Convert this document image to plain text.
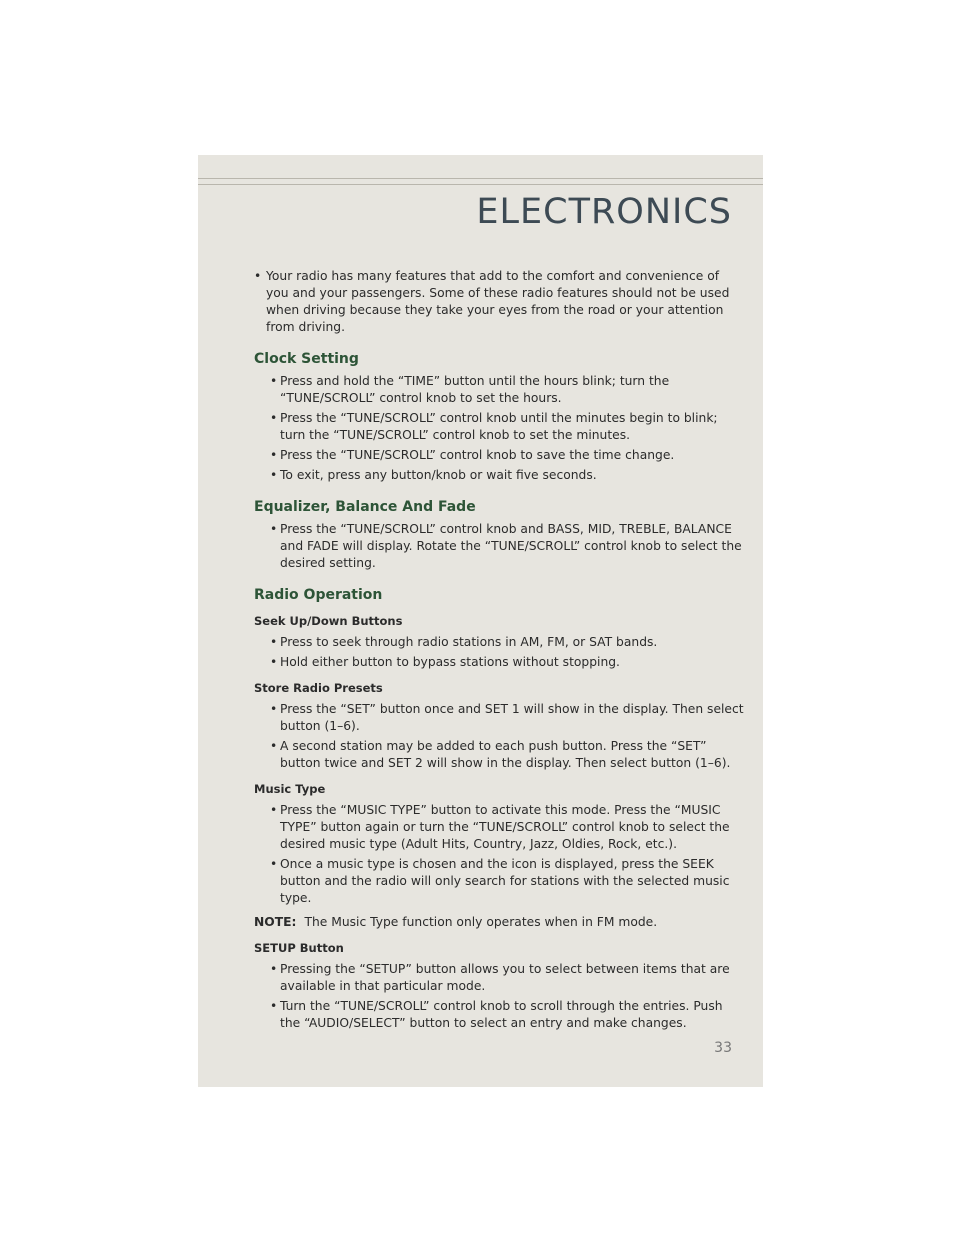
ELECTRONICS
• Your radio has many features that add to the comfort and convenience of you and your passengers. Some of these radio features should not be used when driving because they take your eyes from the road or your attention from driving.
Clock Setting
• Press and hold the “TIME” button until the hours blink; turn the “TUNE/SCROLL” control knob to set the hours.
• Press the “TUNE/SCROLL” control knob until the minutes begin to blink; turn the “TUNE/SCROLL” control knob to set the minutes.
• Press the “TUNE/SCROLL” control knob to save the time change.
• To exit, press any button/knob or wait five seconds.
Equalizer, Balance And Fade
• Press the “TUNE/SCROLL” control knob and BASS, MID, TREBLE, BALANCE and FADE will display. Rotate the “TUNE/SCROLL” control knob to select the desired setting.
Radio Operation
Seek Up/Down Buttons
• Press to seek through radio stations in AM, FM, or SAT bands.
• Hold either button to bypass stations without stopping.
Store Radio Presets
• Press the “SET” button once and SET 1 will show in the display. Then select button (1–6).
• A second station may be added to each push button. Press the “SET” button twice and SET 2 will show in the display. Then select button (1–6).
Music Type
• Press the “MUSIC TYPE” button to activate this mode. Press the “MUSIC TYPE” button again or turn the “TUNE/SCROLL” control knob to select the desired music type (Adult Hits, Country, Jazz, Oldies, Rock, etc.).
• Once a music type is chosen and the icon is displayed, press the SEEK button and the radio will only search for stations with the selected music type.
NOTE: The Music Type function only operates when in FM mode.
SETUP Button
• Pressing the “SETUP” button allows you to select between items that are available in that particular mode.
• Turn the “TUNE/SCROLL” control knob to scroll through the entries. Push the “AUDIO/SELECT” button to select an entry and make changes.
33
